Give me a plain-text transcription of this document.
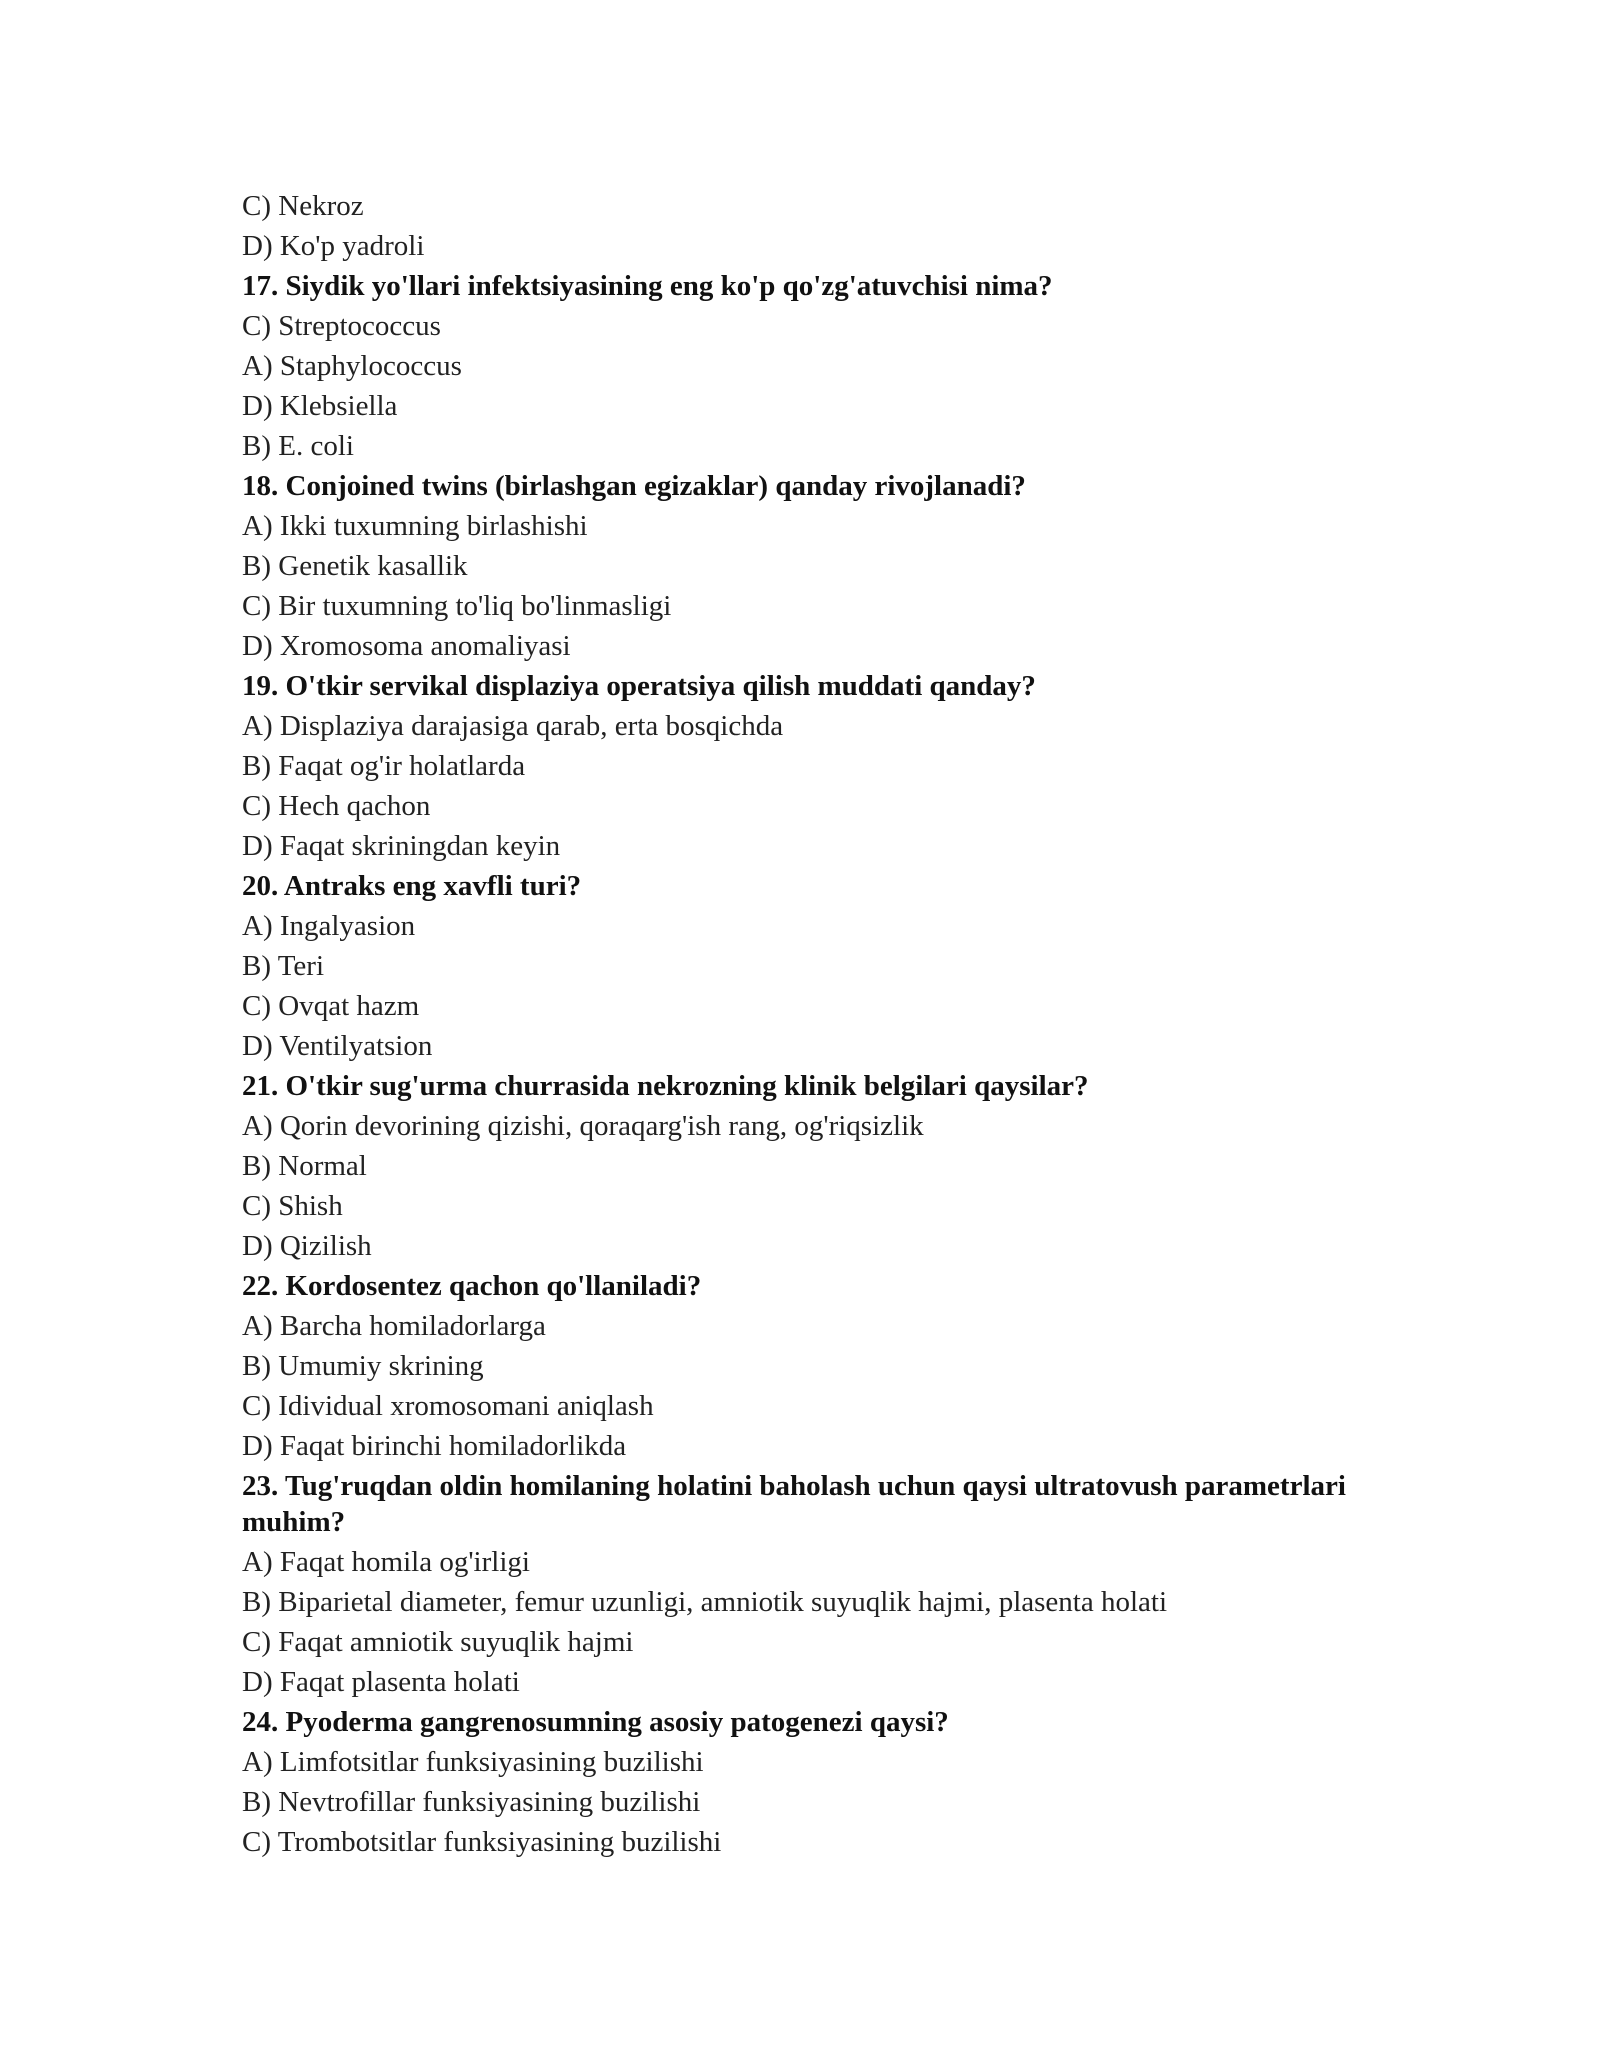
C) Nekroz
D) Ko'p yadroli
17. Siydik yo'llari infektsiyasining eng ko'p qo'zg'atuvchisi nima?
C) Streptococcus
A) Staphylococcus
D) Klebsiella
B) E. coli
18. Conjoined twins (birlashgan egizaklar) qanday rivojlanadi?
A) Ikki tuxumning birlashishi
B) Genetik kasallik
C) Bir tuxumning to'liq bo'linmasligi
D) Xromosoma anomaliyasi
19. O'tkir servikal displaziya operatsiya qilish muddati qanday?
A) Displaziya darajasiga qarab, erta bosqichda
B) Faqat og'ir holatlarda
C) Hech qachon
D) Faqat skriningdan keyin
20. Antraks eng xavfli turi?
A) Ingalyasion
B) Teri
C) Ovqat hazm
D) Ventilyatsion
21. O'tkir sug'urma churrasida nekrozning klinik belgilari qaysilar?
A) Qorin devorining qizishi, qoraqarg'ish rang, og'riqsizlik
B) Normal
C) Shish
D) Qizilish
22. Kordosentez qachon qo'llaniladi?
A) Barcha homiladorlarga
B) Umumiy skrining
C) Idividual xromosomani aniqlash
D) Faqat birinchi homiladorlikda
23. Tug'ruqdan oldin homilaning holatini baholash uchun qaysi ultratovush parametrlari muhim?
A) Faqat homila og'irligi
B) Biparietal diameter, femur uzunligi, amniotik suyuqlik hajmi, plasenta holati
C) Faqat amniotik suyuqlik hajmi
D) Faqat plasenta holati
24. Pyoderma gangrenosumning asosiy patogenezi qaysi?
A) Limfotsitlar funksiyasining buzilishi
B) Nevtrofillar funksiyasining buzilishi
C) Trombotsitlar funksiyasining buzilishi
